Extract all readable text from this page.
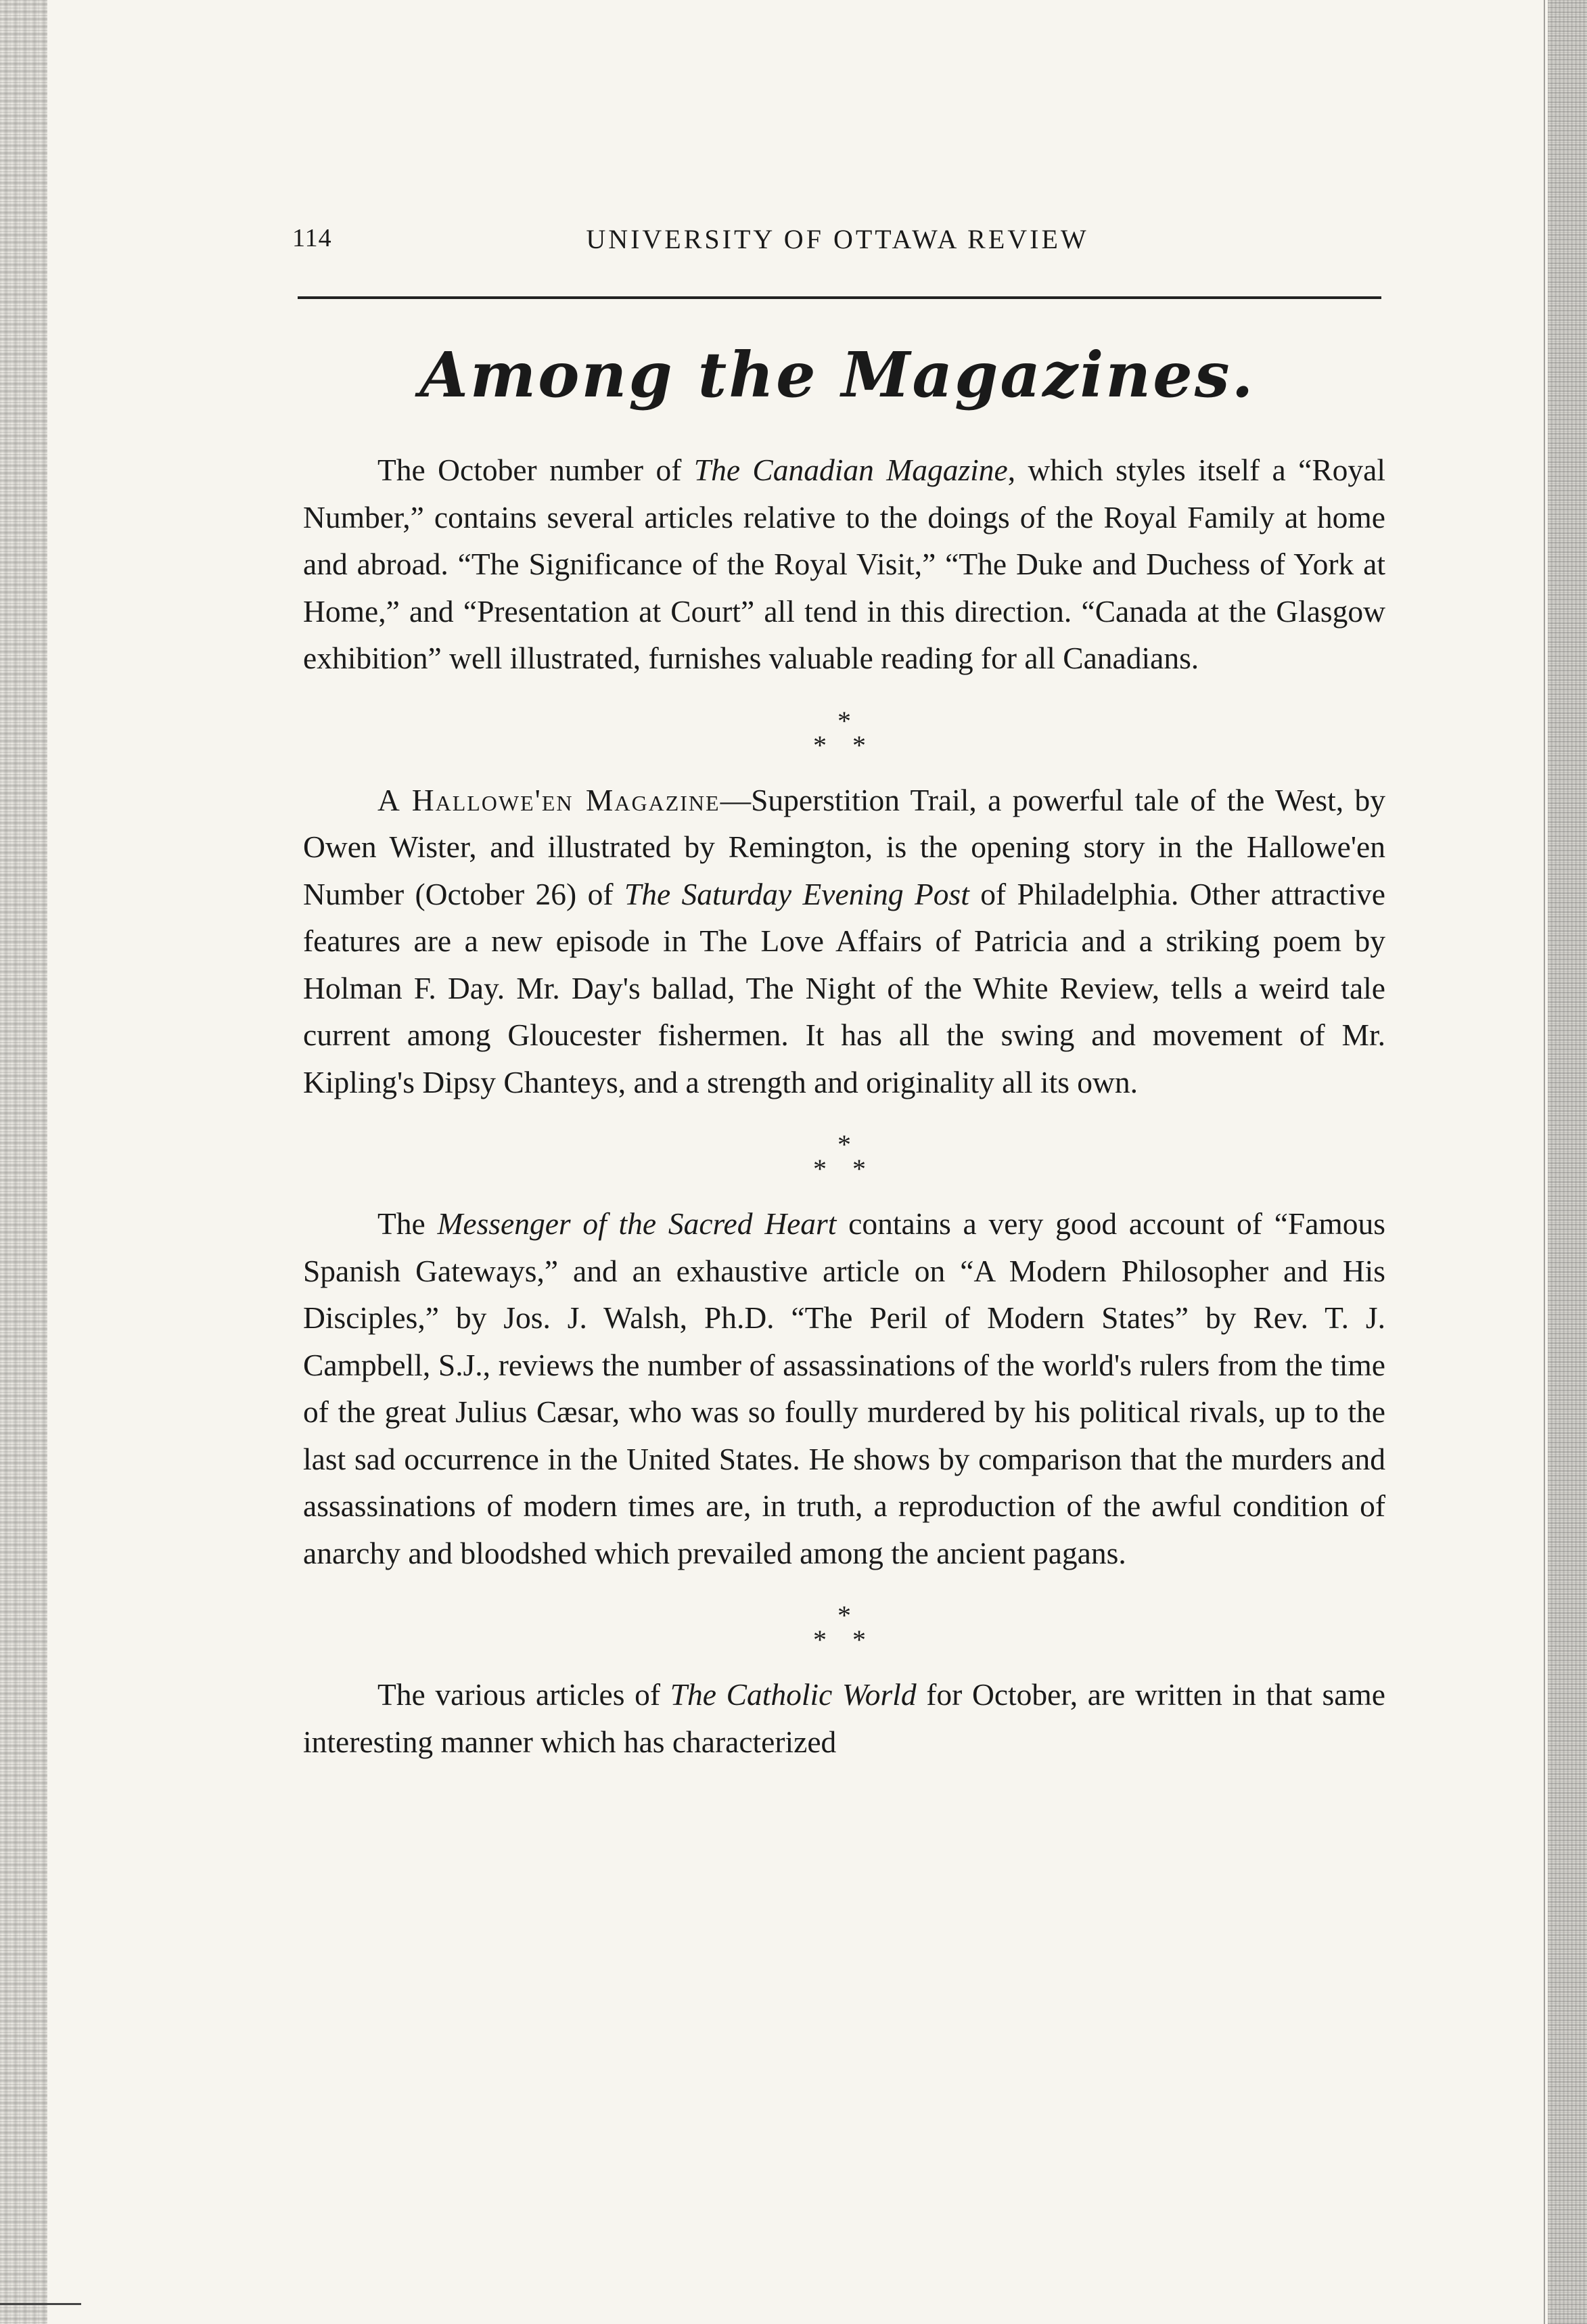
114	UNIVERSITY OF OTTAWA REVIEW
Among the Magazines.

The October number of The Canadian Magazine, which styles itself a “Royal Number,” contains several articles relative to the doings of the Royal Family at home and abroad. “The Significance of the Royal Visit,” “The Duke and Duchess of York at Home,” and “Presentation at Court” all tend in this direction. “Canada at the Glasgow exhibition” well illustrated, furnishes valuable reading for all Canadians.

*
* *

A Hallowe'en Magazine—Superstition Trail, a powerful tale of the West, by Owen Wister, and illustrated by Remington, is the opening story in the Hallowe'en Number (October 26) of The Saturday Evening Post of Philadelphia. Other attractive features are a new episode in The Love Affairs of Patricia and a striking poem by Holman F. Day. Mr. Day's ballad, The Night of the White Review, tells a weird tale current among Gloucester fishermen. It has all the swing and movement of Mr. Kipling's Dipsy Chanteys, and a strength and originality all its own.

*
* *

The Messenger of the Sacred Heart contains a very good account of “Famous Spanish Gateways,” and an exhaustive article on “A Modern Philosopher and His Disciples,” by Jos. J. Walsh, Ph.D. “The Peril of Modern States” by Rev. T. J. Campbell, S.J., reviews the number of assassinations of the world's rulers from the time of the great Julius Cæsar, who was so foully murdered by his political rivals, up to the last sad occurrence in the United States. He shows by comparison that the murders and assassinations of modern times are, in truth, a reproduction of the awful condition of anarchy and bloodshed which prevailed among the ancient pagans.

*
* *

The various articles of The Catholic World for October, are written in that same interesting manner which has characterized
